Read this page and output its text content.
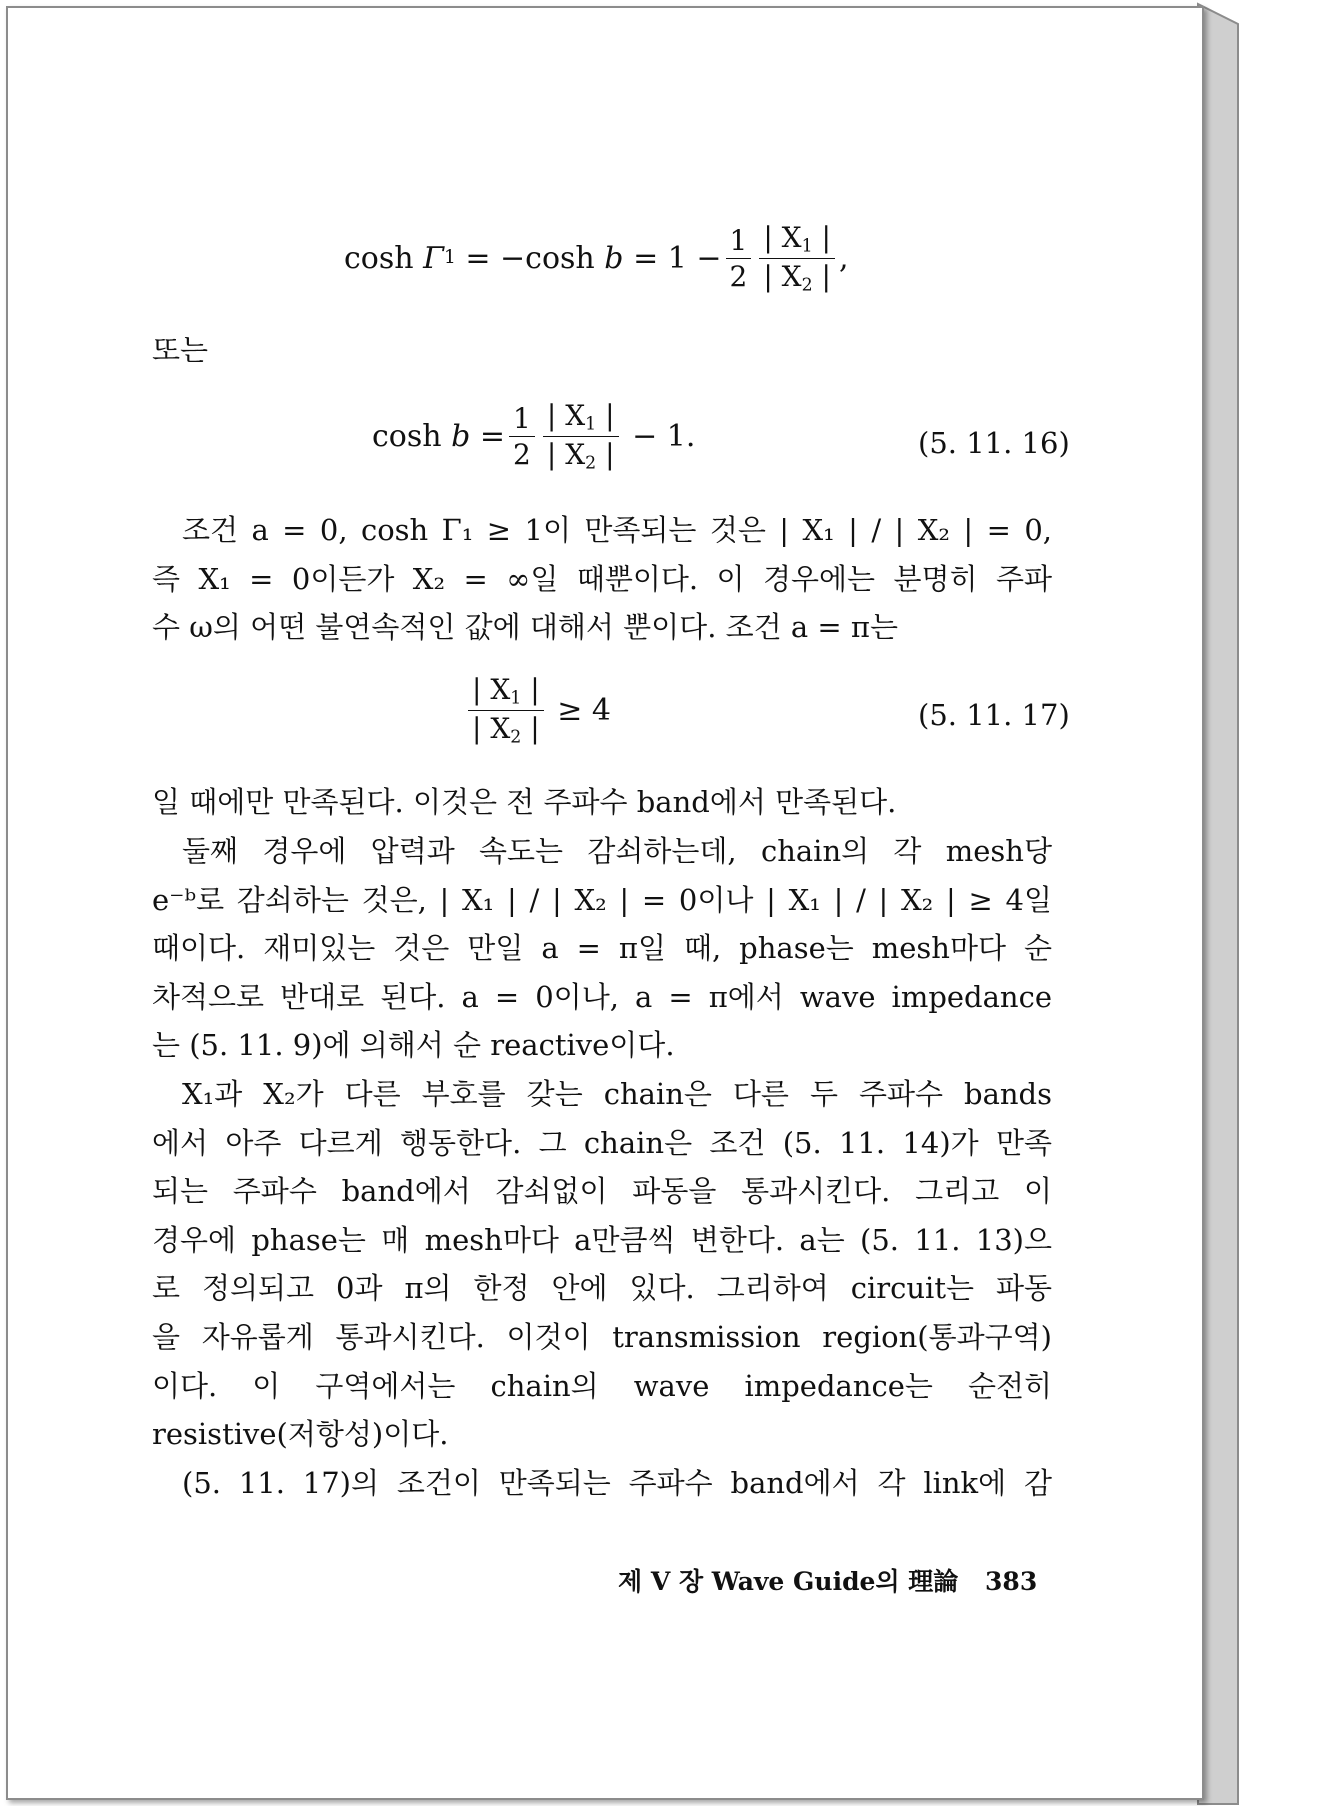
cosh
Γ 1
= −cosh
b
= $1 - \frac{1}{2} \frac{| X_1 |}{| X_2 |}$ ,
또는
cosh
b
= $\frac{1}{2} \frac{| X_1 |}{| X_2 |}$
− 1.	(5. 11. 16)
조건 a = 0, cosh Γ₁ ≥ 1이 만족되는 것은 | X₁ | / | X₂ | = 0,
즉 X₁ = 0이든가 X₂ = ∞일 때뿐이다. 이 경우에는 분명히 주파
수 ω의 어떤 불연속적인 값에 대해서 뿐이다. 조건 a = π는
$\frac{| X_1 |}{| X_2 |}$
≥ 4	(5. 11. 17)
일 때에만 만족된다. 이것은 전 주파수 band에서 만족된다.
둘째 경우에 압력과 속도는 감쇠하는데, chain의 각 mesh당
e⁻ᵇ로 감쇠하는 것은, | X₁ | / | X₂ | = 0이나 | X₁ | / | X₂ | ≥ 4일
때이다. 재미있는 것은 만일 a = π일 때, phase는 mesh마다 순
차적으로 반대로 된다. a = 0이나, a = π에서 wave impedance
는 (5. 11. 9)에 의해서 순 reactive이다.
X₁과 X₂가 다른 부호를 갖는 chain은 다른 두 주파수 bands
에서 아주 다르게 행동한다. 그 chain은 조건 (5. 11. 14)가 만족
되는 주파수 band에서 감쇠없이 파동을 통과시킨다. 그리고 이
경우에 phase는 매 mesh마다 a만큼씩 변한다. a는 (5. 11. 13)으
로 정의되고 0과 π의 한정 안에 있다. 그리하여 circuit는 파동
을 자유롭게 통과시킨다. 이것이 transmission region(통과구역)
이다. 이 구역에서는 chain의 wave impedance는 순전히
resistive(저항성)이다.
(5. 11. 17)의 조건이 만족되는 주파수 band에서 각 link에 감
제 V 장 Wave Guide의 理論 383
